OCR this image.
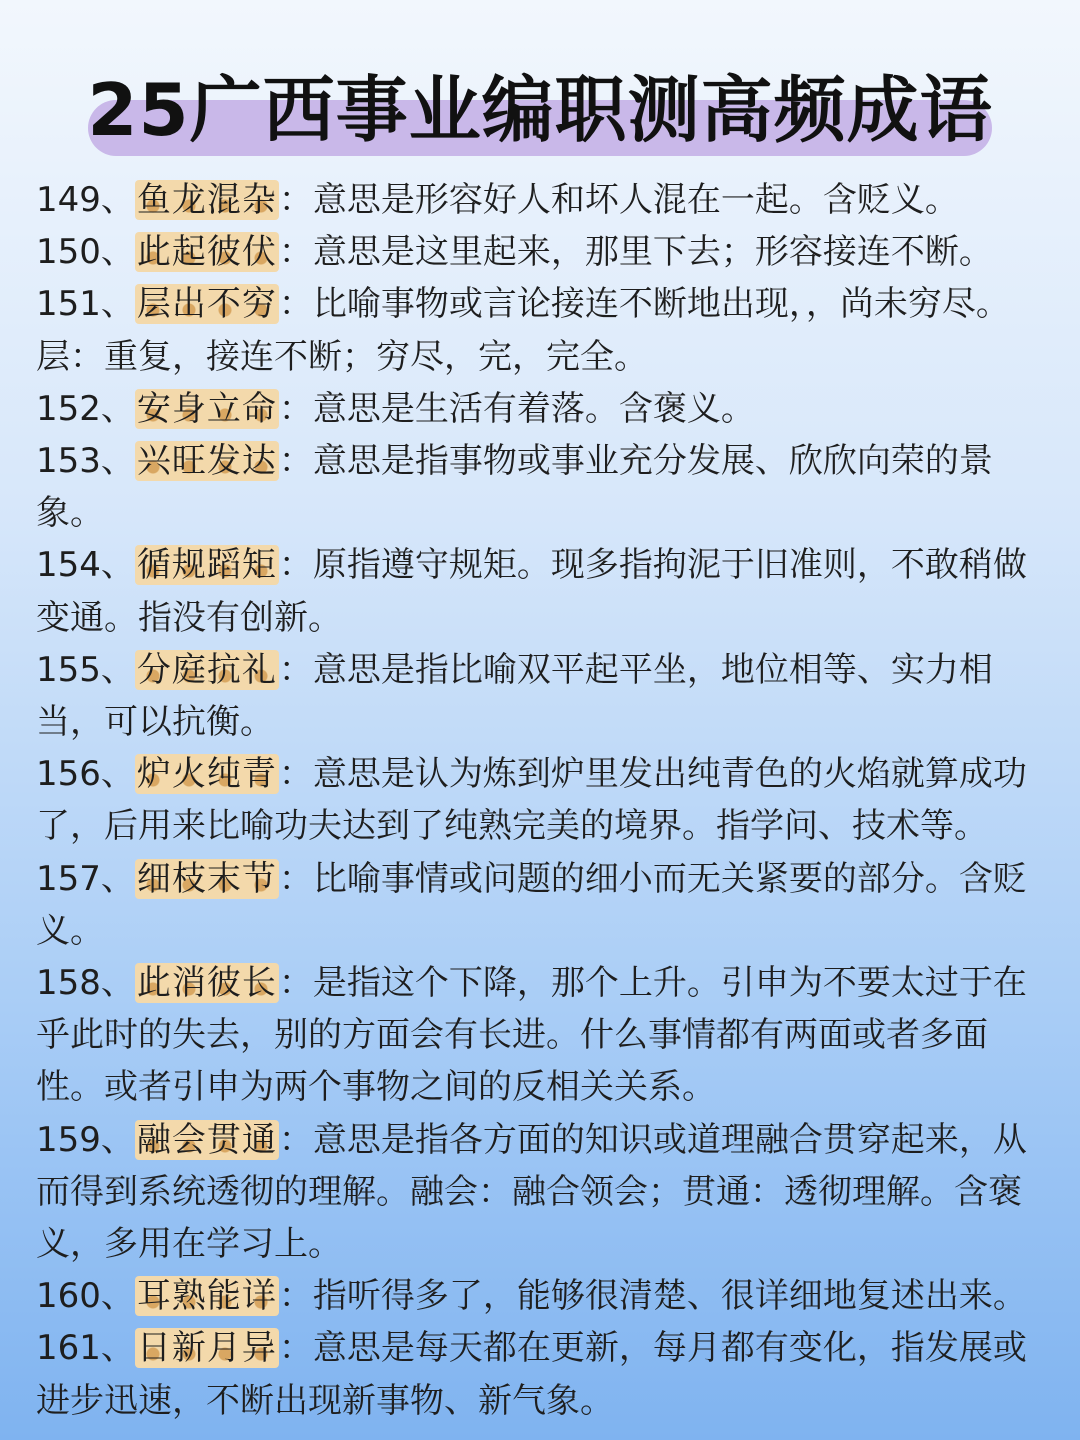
25广西事业编职测高频成语

149、鱼龙混杂：意思是形容好人和坏人混在一起。含贬义。

150、此起彼伏：意思是这里起来，那里下去；形容接连不断。

151、层出不穷：比喻事物或言论接连不断地出现，，尚未穷尽。层：重复，接连不断；穷尽，完，完全。

152、安身立命：意思是生活有着落。含褒义。

153、兴旺发达：意思是指事物或事业充分发展、欣欣向荣的景象。

154、循规蹈矩：原指遵守规矩。现多指拘泥于旧准则，不敢稍做变通。指没有创新。

155、分庭抗礼：意思是指比喻双平起平坐，地位相等、实力相当，可以抗衡。

156、炉火纯青：意思是认为炼到炉里发出纯青色的火焰就算成功了，后用来比喻功夫达到了纯熟完美的境界。指学问、技术等。

157、细枝末节：比喻事情或问题的细小而无关紧要的部分。含贬义。

158、此消彼长：是指这个下降，那个上升。引申为不要太过于在乎此时的失去，别的方面会有长进。什么事情都有两面或者多面性。或者引申为两个事物之间的反相关关系。

159、融会贯通：意思是指各方面的知识或道理融合贯穿起来，从而得到系统透彻的理解。融会：融合领会；贯通：透彻理解。含褒义，多用在学习上。

160、耳熟能详：指听得多了，能够很清楚、很详细地复述出来。

161、日新月异：意思是每天都在更新，每月都有变化，指发展或进步迅速，不断出现新事物、新气象。
